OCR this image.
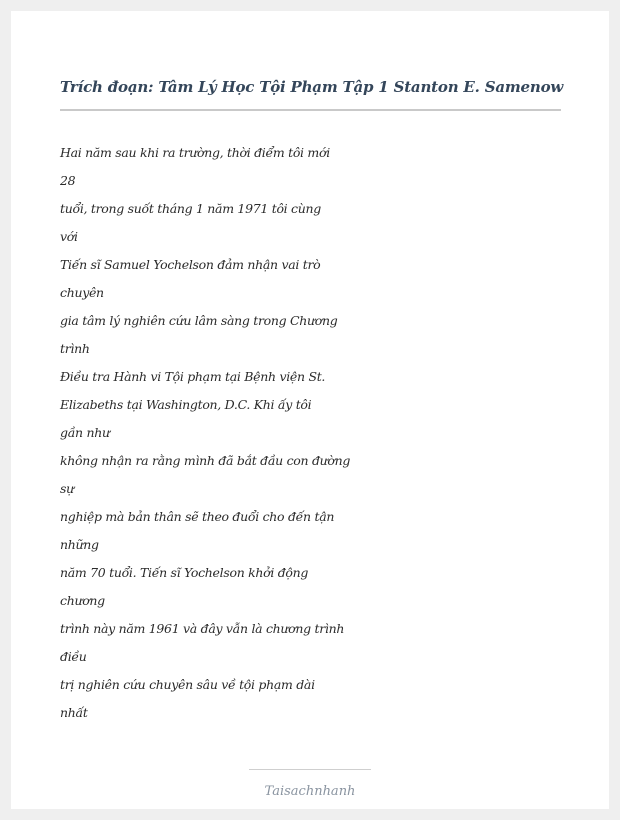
Trích đoạn: Tâm Lý Học Tội Phạm Tập 1 Stanton E. Samenow
Hai năm sau khi ra trường, thời điểm tôi mới
28
tuổi, trong suốt tháng 1 năm 1971 tôi cùng
với
Tiến sĩ Samuel Yochelson đảm nhận vai trò
chuyên
gia tâm lý nghiên cứu lâm sàng trong Chương
trình
Điều tra Hành vi Tội phạm tại Bệnh viện St.
Elizabeths tại Washington, D.C. Khi ấy tôi
gần như
không nhận ra rằng mình đã bắt đầu con đường
sự
nghiệp mà bản thân sẽ theo đuổi cho đến tận
những
năm 70 tuổi. Tiến sĩ Yochelson khởi động
chương
trình này năm 1961 và đây vẫn là chương trình
điều
trị nghiên cứu chuyên sâu về tội phạm dài
nhất
Taisachnhanh
